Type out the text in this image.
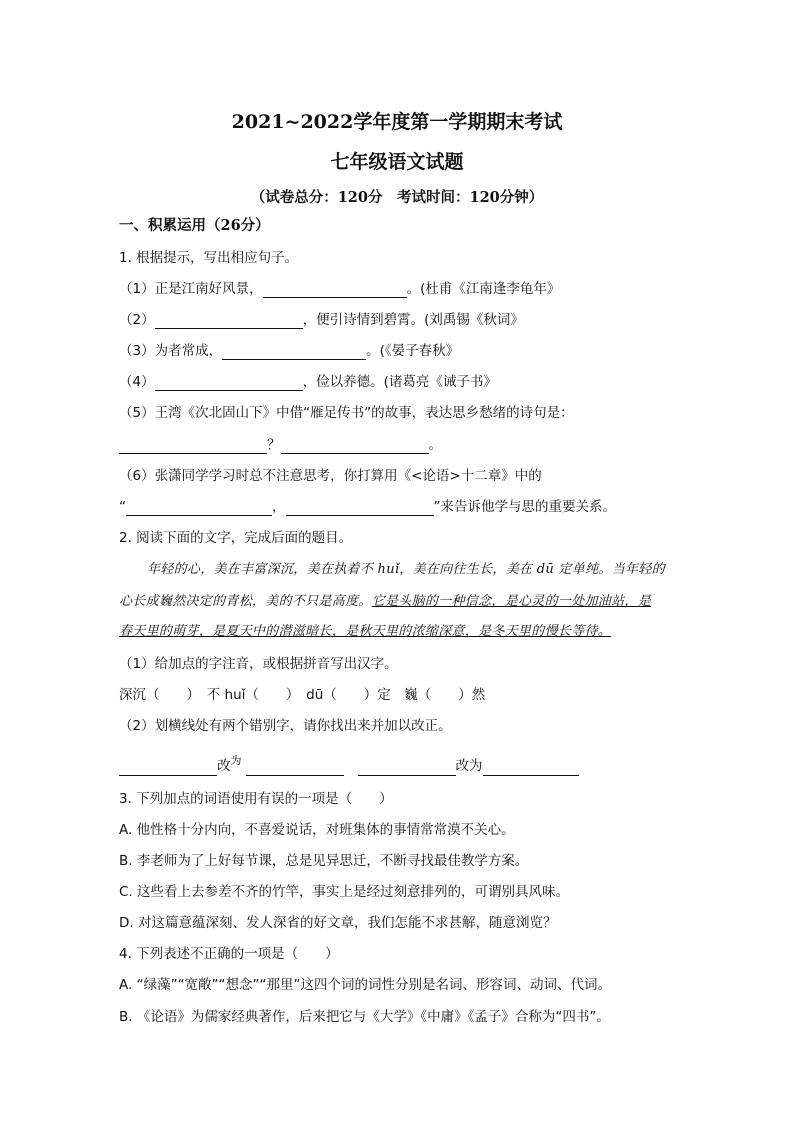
2021~2022学年度第一学期期末考试
七年级语文试题
（试卷总分：120分　考试时间：120分钟）
一、积累运用（26分）
1. 根据提示，写出相应句子。
（1）正是江南好风景，	。(杜甫《江南逢李龟年》
（2）	，便引诗情到碧霄。(刘禹锡《秋词》
（3）为者常成，	。(《晏子春秋》
（4）	，俭以养德。(诸葛亮《诫子书》
（5）王湾《次北固山下》中借“雁足传书”的故事，表达思乡愁绪的诗句是：
？	。
（6）张潇同学学习时总不注意思考，你打算用《<论语>十二章》中的
“	，	”来告诉他学与思的重要关系。
2. 阅读下面的文字，完成后面的题目。
年轻的心，美在丰富深沉，美在执着不 huǐ，美在向往生长，美在 dū 定单纯。当年轻的
心长成巍然决定的青松，美的不只是高度。它是头脑的一种信念，是心灵的一处加油站，是
春天里的萌芽，是夏天中的潜滋暗长，是秋天里的浓缩深意，是冬天里的慢长等待。
（1）给加点的字注音，或根据拼音写出汉字。
深沉（　　）　不 huǐ（　　）　dū（　　）定　巍（　　）然
（2）划横线处有两个错别字，请你找出来并加以改正。
改$^为$	改为
3. 下列加点的词语使用有误的一项是（　　）
A. 他性格十分内向，不喜爱说话，对班集体的事情常常漠不关心。
B. 李老师为了上好每节课，总是见异思迁，不断寻找最佳教学方案。
C. 这些看上去参差不齐的竹竿，事实上是经过刻意排列的，可谓别具风味。
D. 对这篇意蕴深刻、发人深省的好文章，我们怎能不求甚解，随意浏览？
4. 下列表述不正确的一项是（　　）
A. “绿藻”“宽敞”“想念”“那里”这四个词的词性分别是名词、形容词、动词、代词。
B. 《论语》为儒家经典著作，后来把它与《大学》《中庸》《孟子》合称为“四书”。
